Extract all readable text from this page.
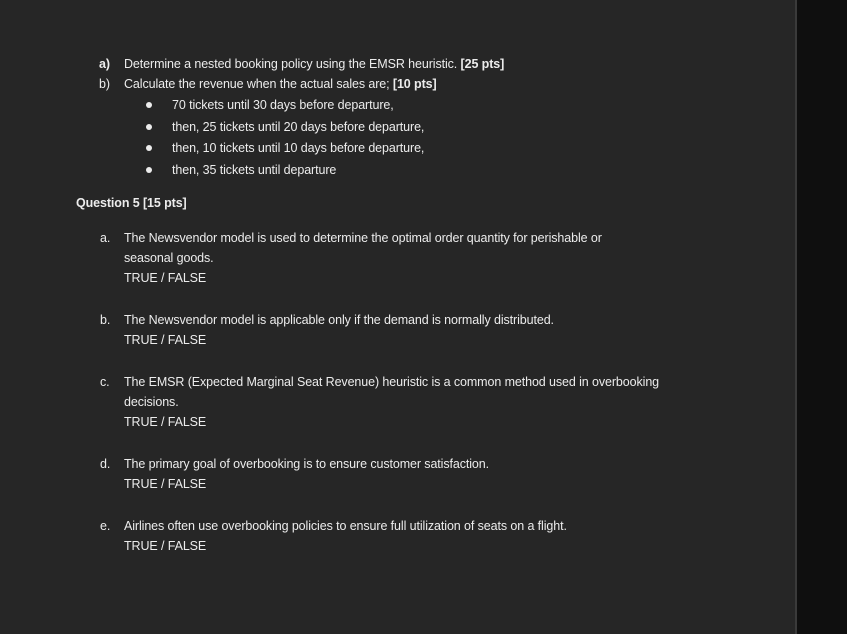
a) Determine a nested booking policy using the EMSR heuristic. [25 pts]
b) Calculate the revenue when the actual sales are; [10 pts]
70 tickets until 30 days before departure,
then, 25 tickets until 20 days before departure,
then, 10 tickets until 10 days before departure,
then, 35 tickets until departure
Question 5 [15 pts]
a. The Newsvendor model is used to determine the optimal order quantity for perishable or
seasonal goods.
TRUE / FALSE
b. The Newsvendor model is applicable only if the demand is normally distributed.
TRUE / FALSE
c. The EMSR (Expected Marginal Seat Revenue) heuristic is a common method used in overbooking
decisions.
TRUE / FALSE
d. The primary goal of overbooking is to ensure customer satisfaction.
TRUE / FALSE
e. Airlines often use overbooking policies to ensure full utilization of seats on a flight.
TRUE / FALSE
